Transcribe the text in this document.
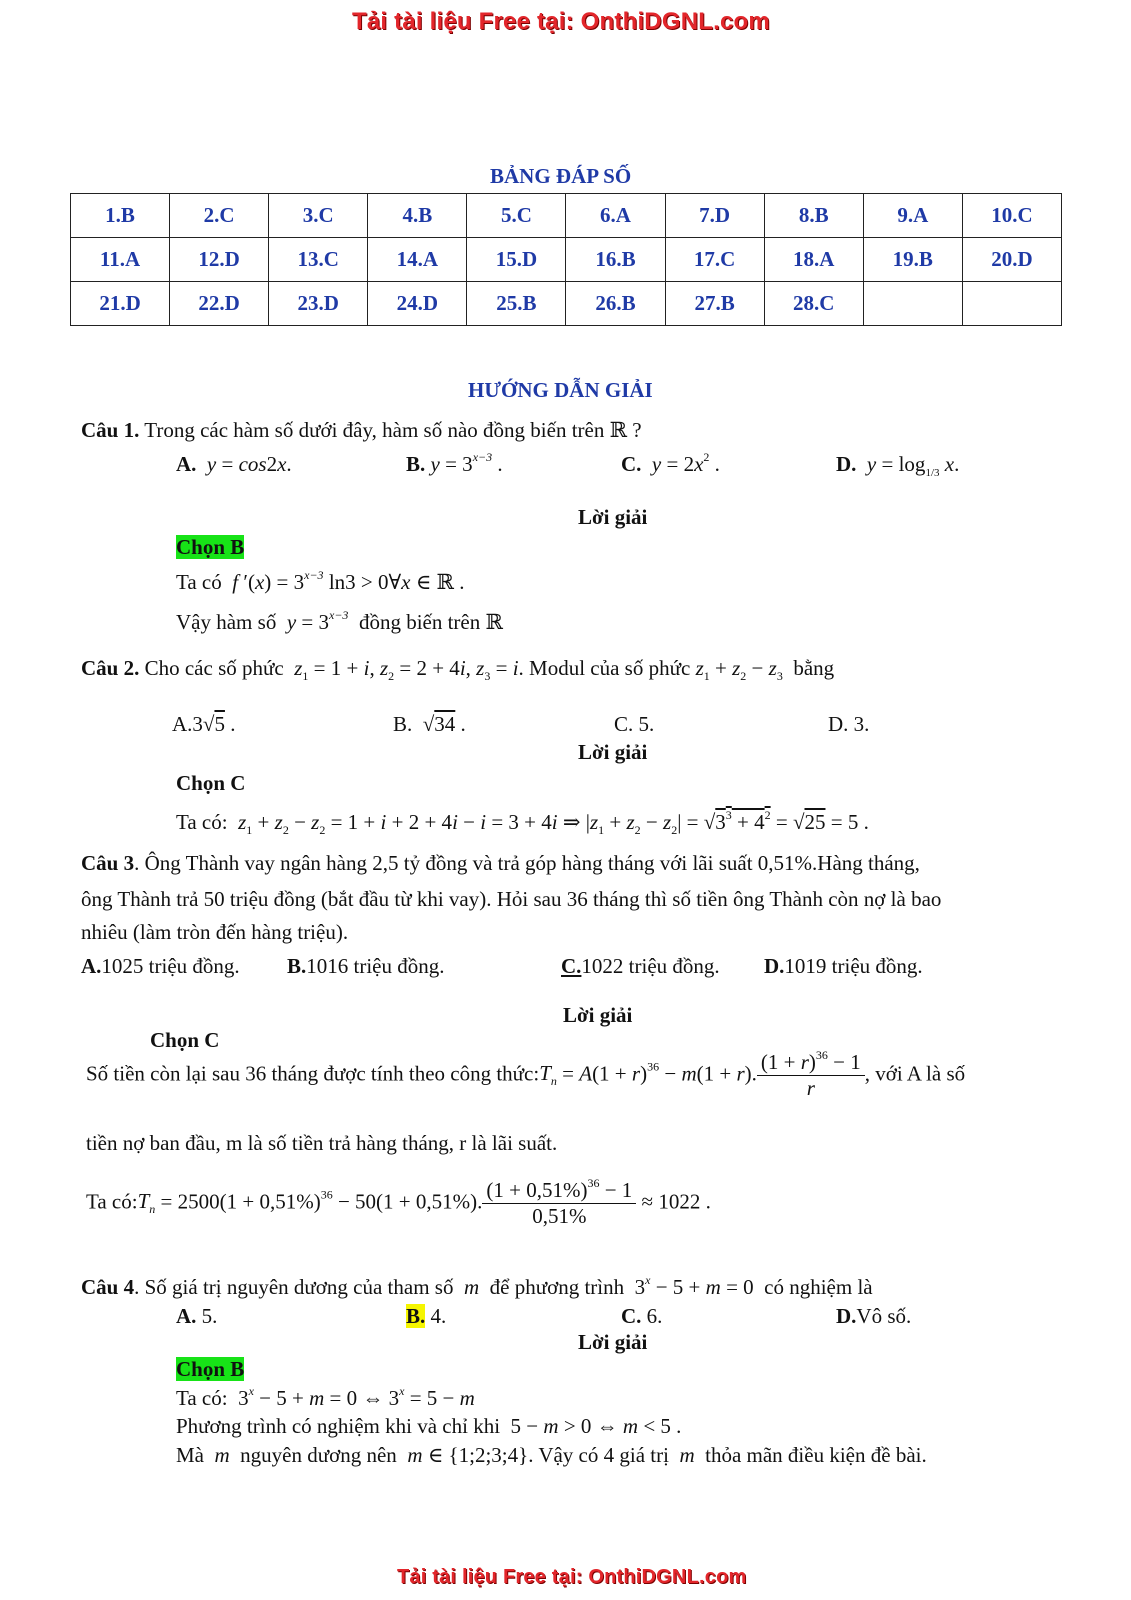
Tải tài liệu Free tại: OnthiDGNL.com
BẢNG ĐÁP SỐ
1.B	2.C	3.C	4.B	5.C	6.A	7.D	8.B	9.A	10.C
11.A	12.D	13.C	14.A	15.D	16.B	17.C	18.A	19.B	20.D
21.D	22.D	23.D	24.D	25.B	26.B	27.B	28.C		
HƯỚNG DẪN GIẢI
Câu 1. Trong các hàm số dưới đây, hàm số nào đồng biến trên ℝ ?
A. y = cos2x.	B. $y = 3^{x-3}$ .	C. $y = 2x^2$ .	D. $y = \log_{1/3} x$.
Lời giải
Chọn B
Ta có f $'(x) = 3^{x-3}$ ln3 > 0∀x ∈ ℝ .
Vậy hàm số $y = 3^{x-3}$ đồng biến trên ℝ
Câu 2. Cho các số phức $z_1 = 1 + i$, $z_2 = 2 + 4i$, $z_3 = i$. Modul của số phức $z_1 + z_2 - z_3$ bằng
A.3√5 .	B.  √34 .	C. 5.	D. 3.
Lời giải
Chọn C
Ta có: $z_1 + z_2 - z_2 = 1 + i + 2 + 4i - i = 3 + 4i$ ⇒ $|z_1 + z_2 - z_2| = √3^3 + 4^2 = √25 = 5$ .
Câu 3. Ông Thành vay ngân hàng 2,5 tỷ đồng và trả góp hàng tháng với lãi suất 0,51%.Hàng tháng,
ông Thành trả 50 triệu đồng (bắt đầu từ khi vay). Hỏi sau 36 tháng thì số tiền ông Thành còn nợ là bao
nhiêu (làm tròn đến hàng triệu).
A.1025 triệu đồng. B.1016 triệu đồng.	C.1022 triệu đồng. D.1019 triệu đồng.
Lời giải
Chọn C
Số tiền còn lại sau 36 tháng được tính theo công $thức:T_n = A(1 + r)^{36} - m(1 + r)$. $\frac{(1 + r)^{36} - 1}{r}$ , với A là số
tiền nợ ban đầu, m là số tiền trả hàng tháng, r là lãi suất.
Ta $có:T_n = 2500(1 + 0,51\%)^{36} - 50(1 + 0,51\%)$. $\frac{(1 + 0,51\%)^{36} - 1}{0,51\%} \approx 1022$ .
Câu 4. Số giá trị nguyên dương của tham số m để phương trình  $3^x - 5 + m = 0$  có nghiệm là
A. 5.	B. 4.	C. 6.	D.Vô số.
Lời giải
Chọn B
Ta có:  $3^x - 5 + m = 0$ ⇔ $3^x = 5 - m$
Phương trình có nghiệm khi và chỉ khi  5 − m > 0 ⇔ m < 5 .
Mà m nguyên dương nên m ∈ {1;2;3;4}. Vậy có 4 giá trị m thỏa mãn điều kiện đề bài.
Tải tài liệu Free tại: OnthiDGNL.com
